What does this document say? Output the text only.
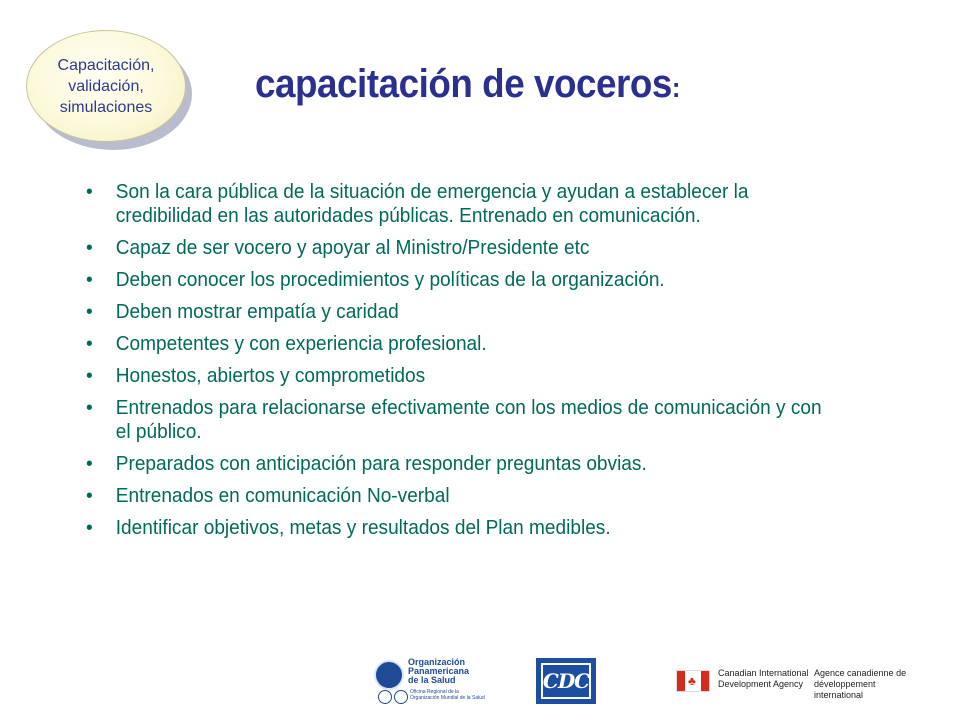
Capacitación,
validación,
simulaciones
capacitación de voceros:
• Son la cara pública de la situación de emergencia y ayudan a establecer la credibilidad en las autoridades públicas. Entrenado en comunicación.
• Capaz de ser vocero y apoyar al Ministro/Presidente etc
• Deben conocer los procedimientos y políticas de la organización.
• Deben mostrar empatía y caridad
• Competentes y con experiencia profesional.
• Honestos, abiertos y comprometidos
• Entrenados para relacionarse efectivamente con los medios de comunicación y con el público.
• Preparados con anticipación para responder preguntas obvias.
• Entrenados en comunicación No-verbal
• Identificar objetivos, metas y resultados del Plan medibles.
Organización
Panamericana
de la Salud
Oficina Regional de la
Organización Mundial de la Salud
CDC	♣
Canadian International Development Agency
Agence canadienne de développement international
